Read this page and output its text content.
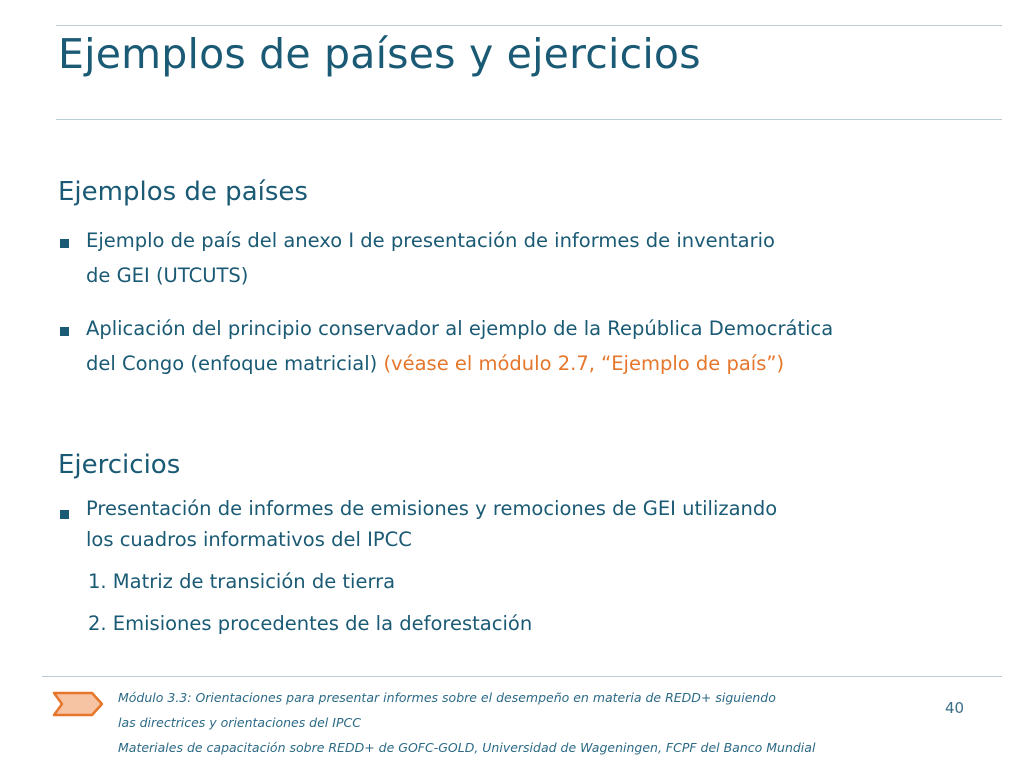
Ejemplos de países y ejercicios
Ejemplos de países
Ejemplo de país del anexo I de presentación de informes de inventario
de GEI (UTCUTS)
Aplicación del principio conservador al ejemplo de la República Democrática
del Congo (enfoque matricial) (véase el módulo 2.7, “Ejemplo de país”)
Ejercicios
Presentación de informes de emisiones y remociones de GEI utilizando
los cuadros informativos del IPCC
1. Matriz de transición de tierra
2. Emisiones procedentes de la deforestación
Módulo 3.3: Orientaciones para presentar informes sobre el desempeño en materia de REDD+ siguiendo
las directrices y orientaciones del IPCC
Materiales de capacitación sobre REDD+ de GOFC-GOLD, Universidad de Wageningen, FCPF del Banco Mundial
40
